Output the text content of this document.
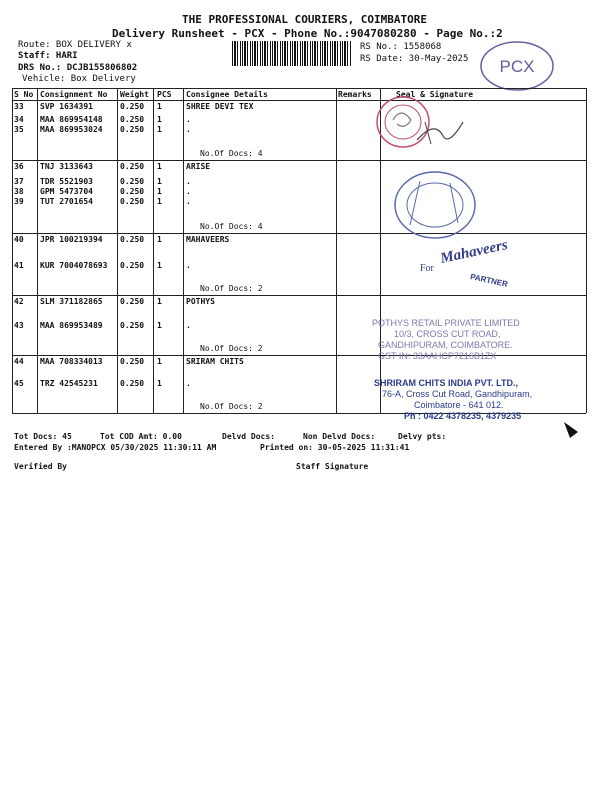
THE PROFESSIONAL COURIERS, COIMBATORE
Delivery Runsheet - PCX - Phone No.:9047080280 - Page No.:2
Route: BOX DELIVERY x
Staff: HARI
DRS No.: DCJB155806802
Vehicle: Box Delivery
RS No.: 1558068
RS Date: 30-May-2025 PCX
S No Consignment No Weight PCS Consignee Details	Remarks	Seal & Signature
33 SVP 1634391	0.250 1	SHREE DEVI TEX
34 MAA 869954148 0.250 1	.
35 MAA 869953024 0.250 1	.
No.Of Docs: 4
36 TNJ 3133643	0.250 1	ARISE
37 TDR 5521903	0.250 1	.
38 GPM 5473704	0.250 1	.
39 TUT 2701654	0.250 1	.
No.Of Docs: 4
40 JPR 100219394 0.250 1	MAHAVEERS
41 KUR 7004078693 0.250 1	.
No.Of Docs: 2
42 SLM 371182865 0.250 1	POTHYS
43 MAA 869953489 0.250 1	.
No.Of Docs: 2
44 MAA 708334013 0.250 1	SRIRAM CHITS
45 TRZ 42545231	0.250 1	.
No.Of Docs: 2
For
Mahaveers
PARTNER
POTHYS RETAIL PRIVATE LIMITED
10/3, CROSS CUT ROAD,
GANDHIPURAM, COIMBATORE.
GST IN: 33AAHCP7216B1ZX
SHRIRAM CHITS INDIA PVT. LTD.,
76-A, Cross Cut Road, Gandhipuram,
Coimbatore - 641 012.
Ph : 0422 4378235, 4379235
Tot Docs: 45	Tot COD Amt: 0.00	Delvd Docs:	Non Delvd Docs:	Delvy pts:
Entered By :MANOPCX 05/30/2025 11:30:11 AM	Printed on: 30-05-2025 11:31:41
Verified By	Staff Signature
